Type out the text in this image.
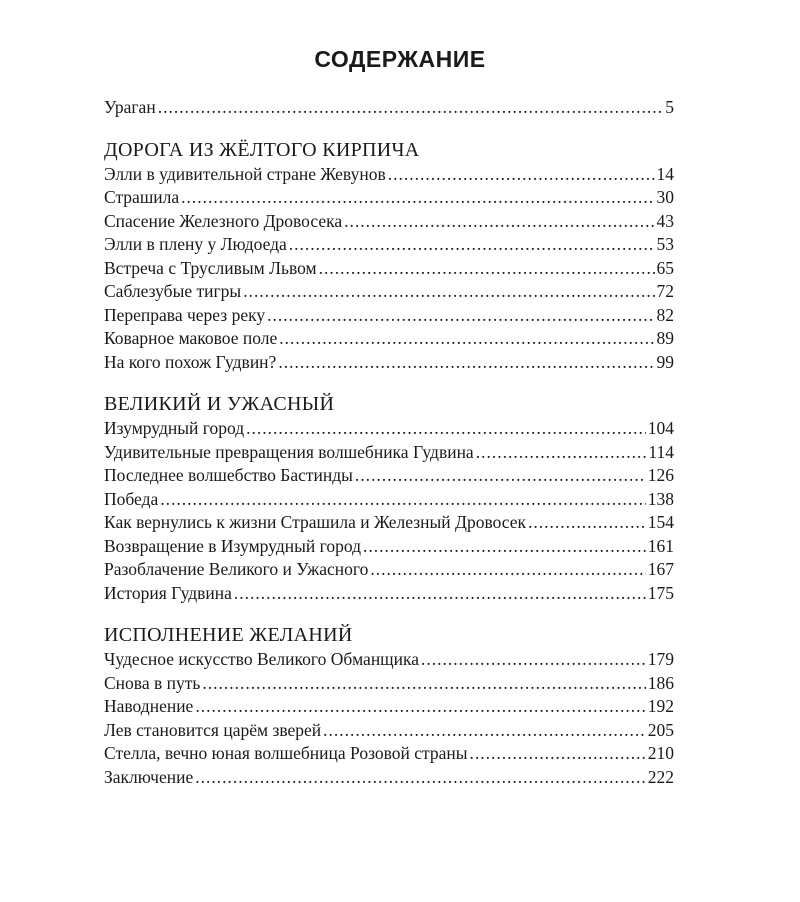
СОДЕРЖАНИЕ
Ураган .....	5
ДОРОГА ИЗ ЖЁЛТОГО КИРПИЧА
Элли в удивительной стране Жевунов .....	14
Страшила .....	30
Спасение Железного Дровосека .....	43
Элли в плену у Людоеда .....	53
Встреча с Трусливым Львом .....	65
Саблезубые тигры .....	72
Переправа через реку .....	82
Коварное маковое поле .....	89
На кого похож Гудвин? .....	99
ВЕЛИКИЙ И УЖАСНЫЙ
Изумрудный город .....	104
Удивительные превращения волшебника Гудвина .....	114
Последнее волшебство Бастинды .....	126
Победа .....	138
Как вернулись к жизни Страшила и Железный Дровосек .....	154
Возвращение в Изумрудный город .....	161
Разоблачение Великого и Ужасного .....	167
История Гудвина .....	175
ИСПОЛНЕНИЕ ЖЕЛАНИЙ
Чудесное искусство Великого Обманщика .....	179
Снова в путь .....	186
Наводнение .....	192
Лев становится царём зверей .....	205
Стелла, вечно юная волшебница Розовой страны .....	210
Заключение .....	222
